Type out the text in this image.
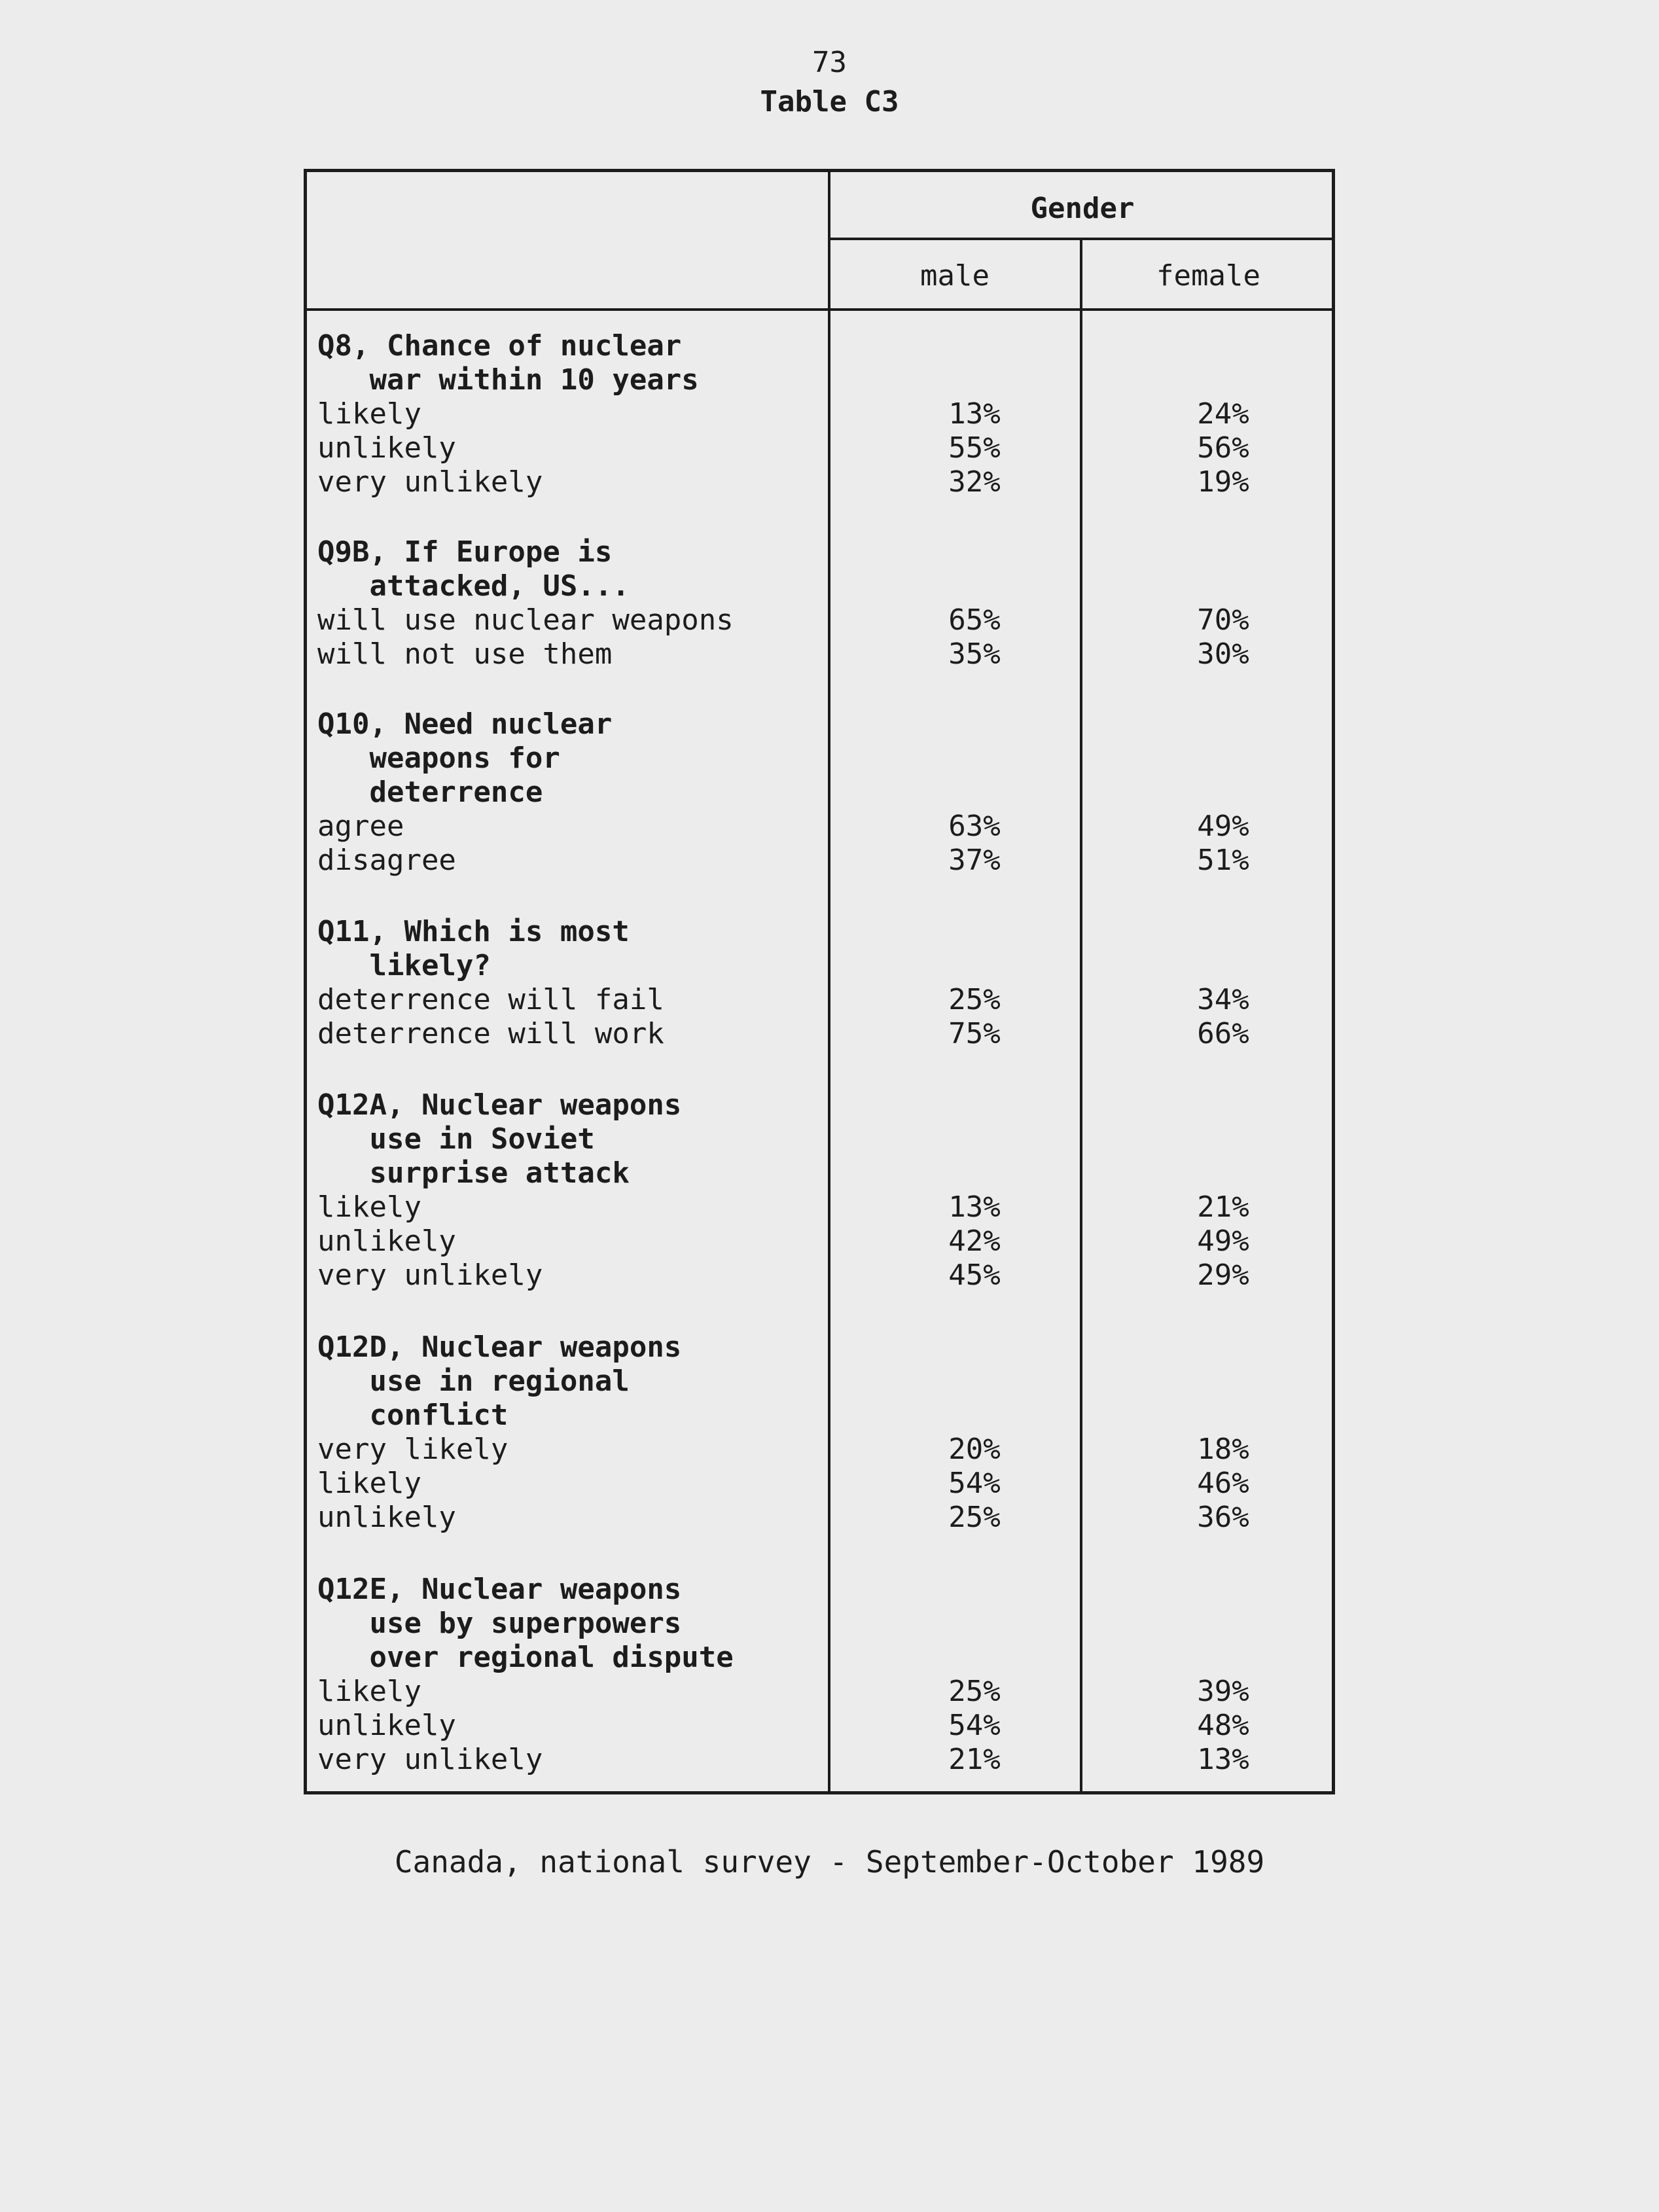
73
Table C3
Gender
male	female
Q8, Chance of nuclear
war within 10 years
likely	13%	24%
unlikely	55%	56%
very unlikely	32%	19%
Q9B, If Europe is
attacked, US...
will use nuclear weapons	65%	70%
will not use them	35%	30%
Q10, Need nuclear
weapons for
deterrence
agree	63%	49%
disagree	37%	51%
Q11, Which is most
likely?
deterrence will fail	25%	34%
deterrence will work	75%	66%
Q12A, Nuclear weapons
use in Soviet
surprise attack
likely	13%	21%
unlikely	42%	49%
very unlikely	45%	29%
Q12D, Nuclear weapons
use in regional
conflict
very likely	20%	18%
likely	54%	46%
unlikely	25%	36%
Q12E, Nuclear weapons
use by superpowers
over regional dispute
likely	25%	39%
unlikely	54%	48%
very unlikely	21%	13%
Canada, national survey - September-October 1989
